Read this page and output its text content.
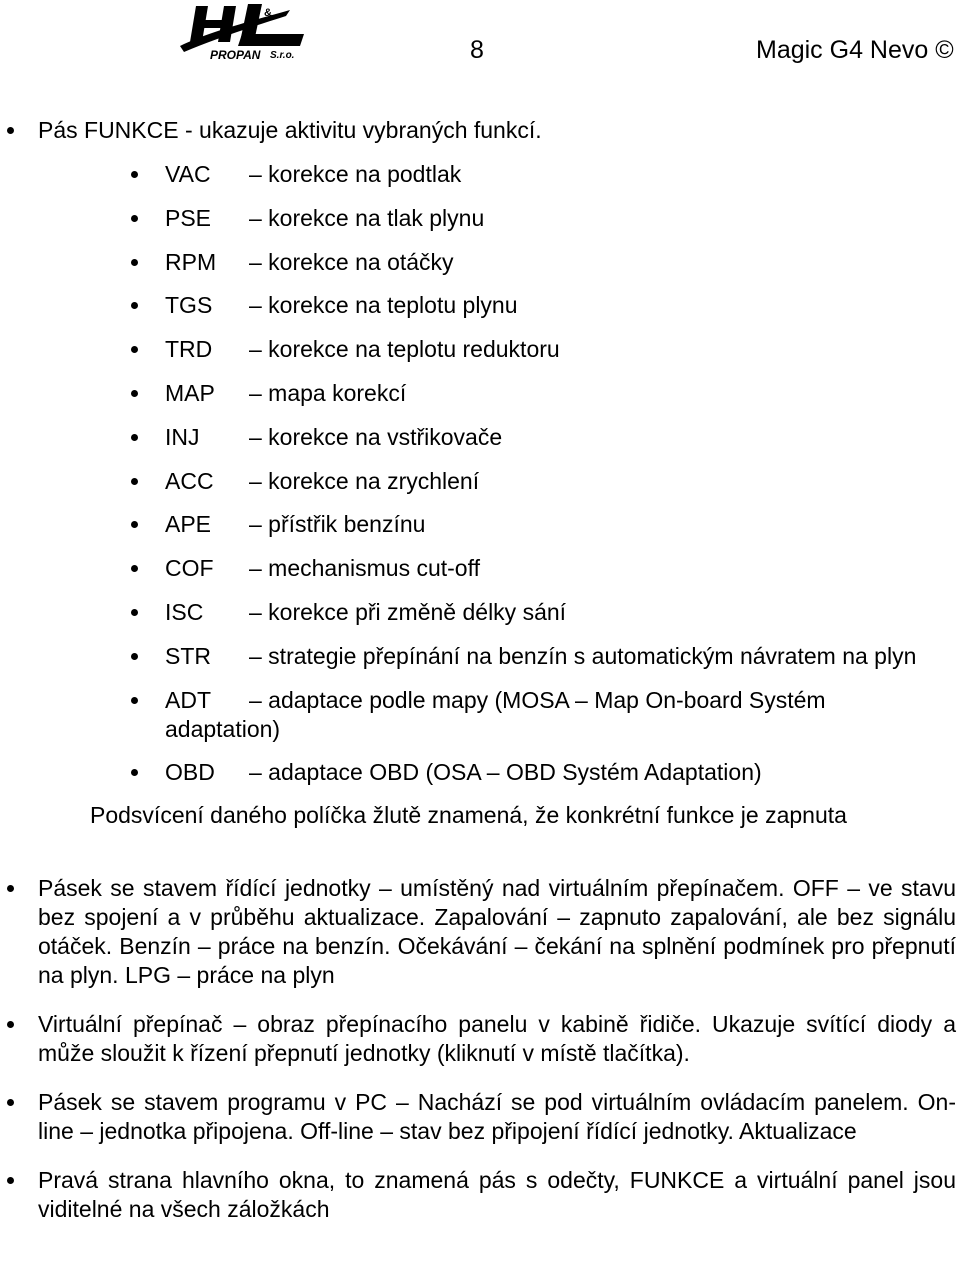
&
PROPAN S.r.o.	8	Magic G4 Nevo ©
Pás FUNKCE - ukazuje aktivitu vybraných funkcí.
VAC	– korekce na podtlak
PSE	– korekce na tlak plynu
RPM	– korekce na otáčky
TGS	– korekce na teplotu plynu
TRD	– korekce na teplotu reduktoru
MAP	– mapa korekcí
INJ	– korekce na vstřikovače
ACC	– korekce na zrychlení
APE	– přístřik benzínu
COF	– mechanismus cut-off
ISC	– korekce při změně délky sání
STR – strategie přepínání na benzín s automatickým návratem na plyn
ADT – adaptace podle mapy (MOSA – Map On-board Systém adaptation)
OBD	– adaptace OBD (OSA – OBD Systém Adaptation)
Podsvícení daného políčka žlutě znamená, že konkrétní funkce je zapnuta
Pásek se stavem řídící jednotky – umístěný nad virtuálním přepínačem. OFF – ve stavu bez spojení a v průběhu aktualizace. Zapalování – zapnuto zapalování, ale bez signálu otáček. Benzín – práce na benzín. Očekávání – čekání na splnění podmínek pro přepnutí na plyn. LPG – práce na plyn
Virtuální přepínač – obraz přepínacího panelu v kabině řidiče. Ukazuje svítící diody a může sloužit k řízení přepnutí jednotky (kliknutí v místě tlačítka).
Pásek se stavem programu v PC – Nachází se pod virtuálním ovládacím panelem. On-line – jednotka připojena. Off-line – stav bez připojení řídící jednotky. Aktualizace
Pravá strana hlavního okna, to znamená pás s odečty, FUNKCE a virtuální panel jsou viditelné na všech záložkách
